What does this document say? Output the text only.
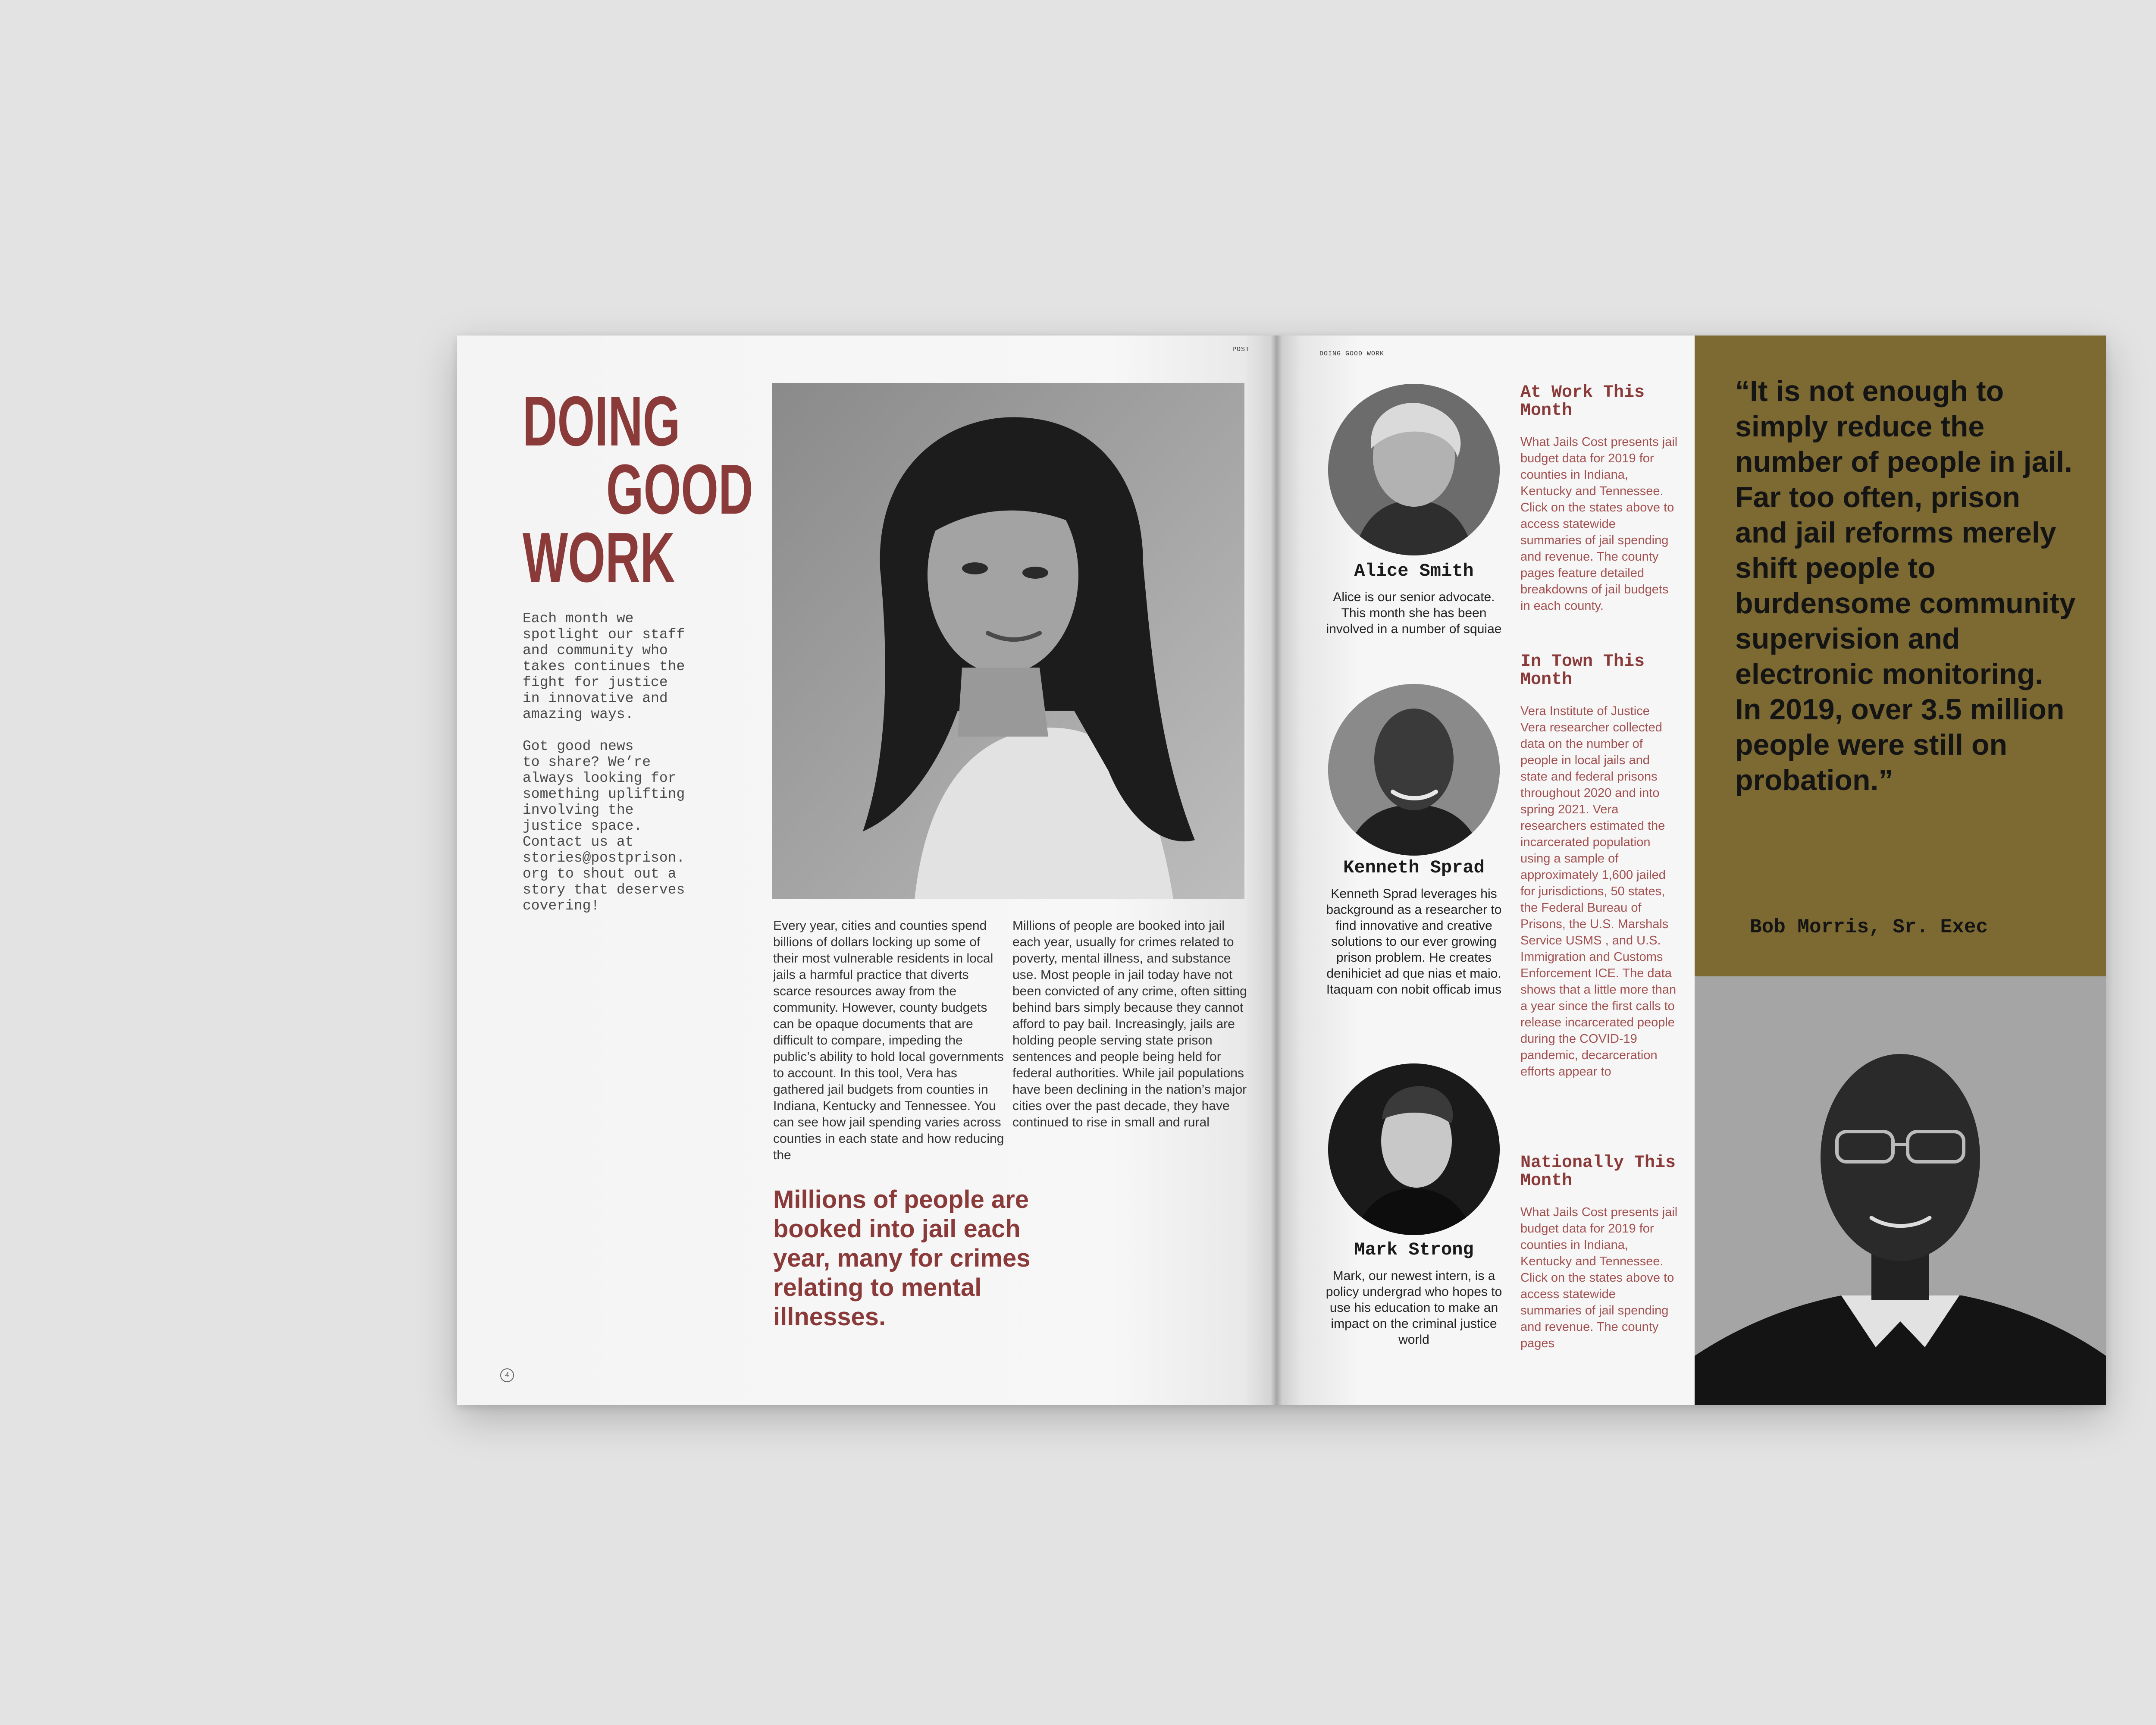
POST
DOING
GOOD
WORK

Each month we
spotlight our staff
and community who
takes continues the
fight for justice
in innovative and
amazing ways.

Got good news
to share? We’re
always looking for
something uplifting
involving the
justice space.
Contact us at
stories@postprison.
org to shout out a
story that deserves
covering!

Every year, cities and counties spend billions of dollars locking up some of their most vulnerable residents in local jails a harmful practice that diverts scarce resources away from the community. However, county budgets can be opaque documents that are difficult to compare, impeding the public’s ability to hold local governments to account. In this tool, Vera has gathered jail budgets from counties in Indiana, Kentucky and Tennessee. You can see how jail spending varies across counties in each state and how reducing the

Millions of people are booked into jail each year, usually for crimes related to poverty, mental illness, and substance use. Most people in jail today have not been convicted of any crime, often sitting behind bars simply because they cannot afford to pay bail. Increasingly, jails are holding people serving state prison sentences and people being held for federal authorities. While jail populations have been declining in the nation’s major cities over the past decade, they have continued to rise in small and rural

Millions of people are booked into jail each year, many for crimes relating to mental illnesses.

4
DOING GOOD WORK

Alice Smith

Alice is our senior advocate. This month she has been involved in a number of squiae

Kenneth Sprad

Kenneth Sprad leverages his background as a researcher to find innovative and creative solutions to our ever growing prison problem. He creates denihiciet ad que nias et maio. Itaquam con nobit officab imus

Mark Strong

Mark, our newest intern, is a policy undergrad who hopes to use his education to make an impact on the criminal justice world

At Work This Month

What Jails Cost presents jail budget data for 2019 for counties in Indiana, Kentucky and Tennessee. Click on the states above to access statewide summaries of jail spending and revenue. The county pages feature detailed breakdowns of jail budgets in each county.

In Town This Month

Vera Institute of Justice Vera researcher collected data on the number of people in local jails and state and federal prisons throughout 2020 and into spring 2021. Vera researchers estimated the incarcerated population using a sample of approximately 1,600 jailed for jurisdictions, 50 states, the Federal Bureau of Prisons, the U.S. Marshals Service USMS , and U.S. Immigration and Customs Enforcement ICE. The data shows that a little more than a year since the first calls to release incarcerated people during the COVID-19 pandemic, decarceration efforts appear to

Nationally This Month

What Jails Cost presents jail budget data for 2019 for counties in Indiana, Kentucky and Tennessee. Click on the states above to access statewide summaries of jail spending and revenue. The county pages

“It is not enough to simply reduce the number of people in jail. Far too often, prison and jail reforms merely shift people to burdensome community supervision and electronic monitoring. In 2019, over 3.5 million people were still on probation.”

Bob Morris, Sr. Exec
